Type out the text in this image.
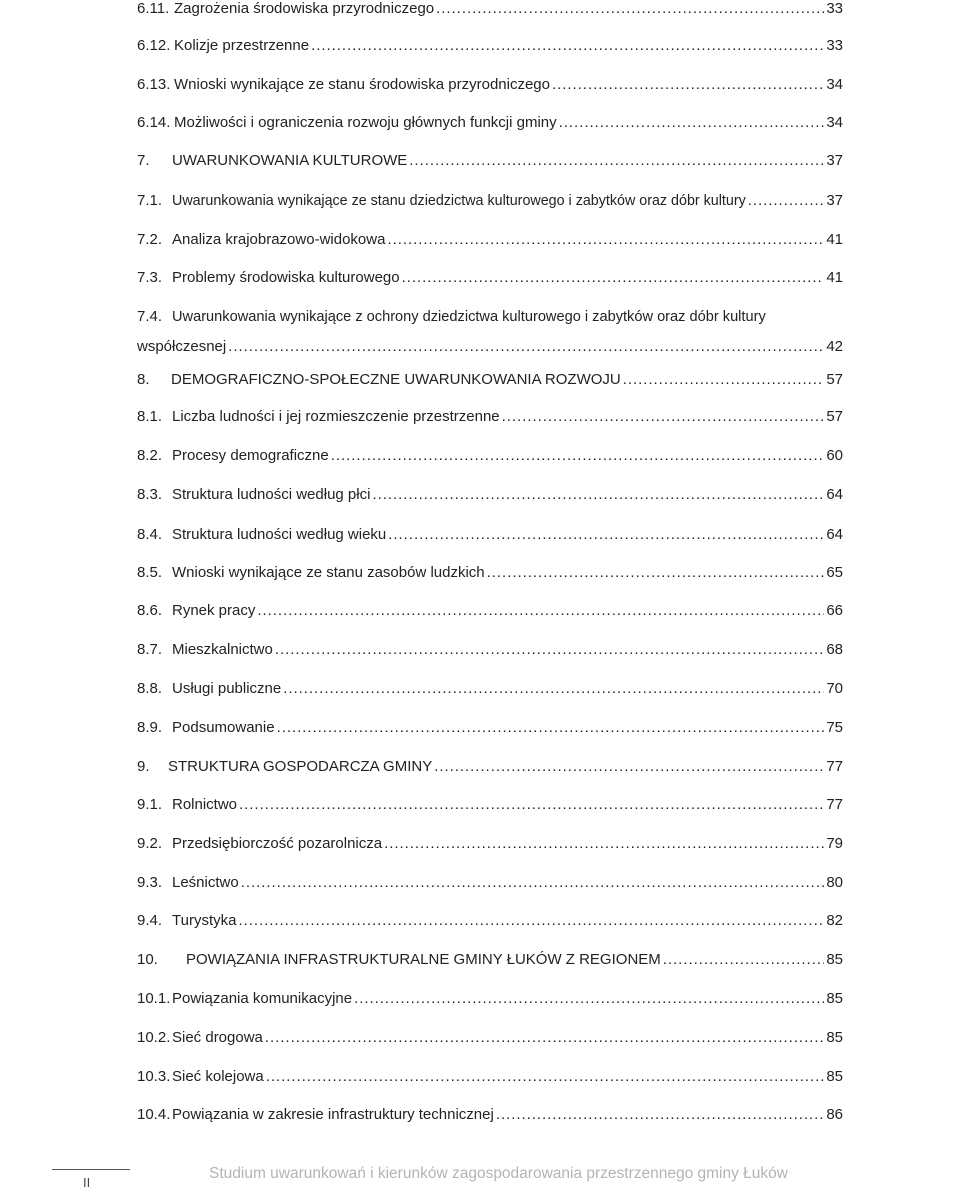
6.11. Zagrożenia środowiska przyrodniczego . . .	33
6.12. Kolizje przestrzenne . . .	33
6.13. Wnioski wynikające ze stanu środowiska przyrodniczego . . .	34
6.14. Możliwości i ograniczenia rozwoju głównych funkcji gminy . . .	34
7.	UWARUNKOWANIA KULTUROWE . . .	37
7.1. Uwarunkowania wynikające ze stanu dziedzictwa kulturowego i zabytków oraz dóbr kultury . . .	37
7.2. Analiza krajobrazowo-widokowa . . .	41
7.3. Problemy środowiska kulturowego . . .	41
7.4. Uwarunkowania wynikające z ochrony dziedzictwa kulturowego i zabytków oraz dóbr kultury
współczesnej . . .	42
8.	DEMOGRAFICZNO-SPOŁECZNE UWARUNKOWANIA ROZWOJU . . .	57
8.1. Liczba ludności i jej rozmieszczenie przestrzenne . . .	57
8.2. Procesy demograficzne . . .	60
8.3. Struktura ludności według płci . . .	64
8.4. Struktura ludności według wieku . . .	64
8.5. Wnioski wynikające ze stanu zasobów ludzkich . . .	65
8.6. Rynek pracy . . .	66
8.7. Mieszkalnictwo . . .	68
8.8. Usługi publiczne . . .	70
8.9. Podsumowanie . . .	75
9.	STRUKTURA GOSPODARCZA GMINY . . .	77
9.1. Rolnictwo . . .	77
9.2. Przedsiębiorczość pozarolnicza . . .	79
9.3. Leśnictwo . . .	80
9.4. Turystyka . . .	82
10.	POWIĄZANIA INFRASTRUKTURALNE GMINY ŁUKÓW Z REGIONEM . . .	85
10.1. Powiązania komunikacyjne . . .	85
10.2. Sieć drogowa . . .	85
10.3. Sieć kolejowa . . .	85
10.4. Powiązania w zakresie infrastruktury technicznej . . .	86
II
Studium uwarunkowań i kierunków zagospodarowania przestrzennego gminy Łuków
